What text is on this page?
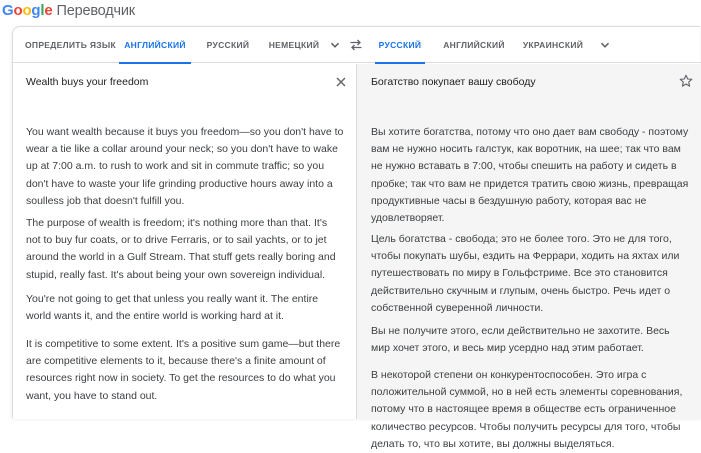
Google Переводчик
ОПРЕДЕЛИТЬ ЯЗЫК АНГЛИЙСКИЙ	РУССКИЙ	НЕМЕЦКИЙ	РУССКИЙ	АНГЛИЙСКИЙ	УКРАИНСКИЙ
Wealth buys your freedom
You want wealth because it buys you freedom—so you don't have to wear a tie like a collar around your neck; so you don't have to wake up at 7:00 a.m. to rush to work and sit in commute traffic; so you don't have to waste your life grinding productive hours away into a soulless job that doesn't fulfill you.
The purpose of wealth is freedom; it's nothing more than that. It's not to buy fur coats, or to drive Ferraris, or to sail yachts, or to jet around the world in a Gulf Stream. That stuff gets really boring and stupid, really fast. It's about being your own sovereign individual.
You're not going to get that unless you really want it. The entire world wants it, and the entire world is working hard at it.
It is competitive to some extent. It's a positive sum game—but there are competitive elements to it, because there's a finite amount of resources right now in society. To get the resources to do what you want, you have to stand out.
Богатство покупает вашу свободу
Вы хотите богатства, потому что оно дает вам свободу - поэтому вам не нужно носить галстук, как воротник, на шее; так что вам не нужно вставать в 7:00, чтобы спешить на работу и сидеть в пробке; так что вам не придется тратить свою жизнь, превращая продуктивные часы в бездушную работу, которая вас не удовлетворяет.
Цель богатства - свобода; это не более того. Это не для того, чтобы покупать шубы, ездить на Феррари, ходить на яхтах или путешествовать по миру в Гольфстриме. Все это становится действительно скучным и глупым, очень быстро. Речь идет о собственной суверенной личности.
Вы не получите этого, если действительно не захотите. Весь мир хочет этого, и весь мир усердно над этим работает.
В некоторой степени он конкурентоспособен. Это игра с положительной суммой, но в ней есть элементы соревнования, потому что в настоящее время в обществе есть ограниченное количество ресурсов. Чтобы получить ресурсы для того, чтобы делать то, что вы хотите, вы должны выделяться.
